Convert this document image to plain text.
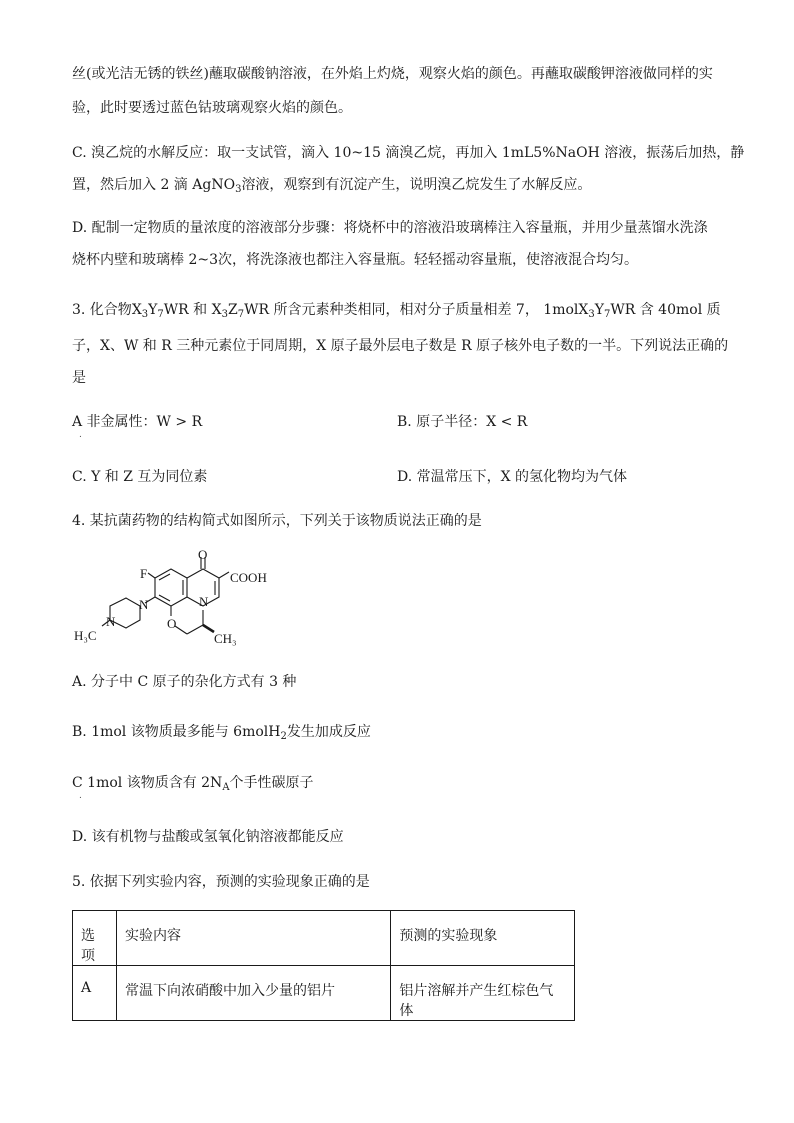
丝(或光洁无锈的铁丝)蘸取碳酸钠溶液，在外焰上灼烧，观察火焰的颜色。再蘸取碳酸钾溶液做同样的实
验，此时要透过蓝色钴玻璃观察火焰的颜色。
C. 溴乙烷的水解反应：取一支试管，滴入 10~15 滴溴乙烷，再加入 1mL5%NaOH 溶液，振荡后加热，静
置，然后加入 2 滴 AgNO$_3$溶液，观察到有沉淀产生，说明溴乙烷发生了水解反应。
D. 配制一定物质的量浓度的溶液部分步骤：将烧杯中的溶液沿玻璃棒注入容量瓶，并用少量蒸馏水洗涤
烧杯内壁和玻璃棒 2~3次，将洗涤液也都注入容量瓶。轻轻摇动容量瓶，使溶液混合均匀。
3. 化合物$X_3Y_7WR$ 和 $X_3Z_7WR$ 所含元素种类相同，相对分子质量相差 7， $1molX_3Y_7WR$ 含 40mol 质
子，X、W 和 R 三种元素位于同周期，X 原子最外层电子数是 R 原子核外电子数的一半。下列说法正确的
是
A 非金属性：W > R
.
B. 原子半径：X < R
C. Y 和 Z 互为同位素	D. 常温常压下，X 的氢化物均为气体
4. 某抗菌药物的结构简式如图所示，下列关于该物质说法正确的是
F
O
COOH
N
N
N	O
H₃C	CH₃
A. 分子中 C 原子的杂化方式有 3 种
B. 1mol 该物质最多能与 6molH$_2$发生加成反应
C 1mol 该物质含有 $2N_A$个手性碳原子
.
D. 该有机物与盐酸或氢氧化钠溶液都能反应
5. 依据下列实验内容，预测的实验现象正确的是
选项	实验内容	预测的实验现象
A	常温下向浓硝酸中加入少量的铝片	铝片溶解并产生红棕色气体
